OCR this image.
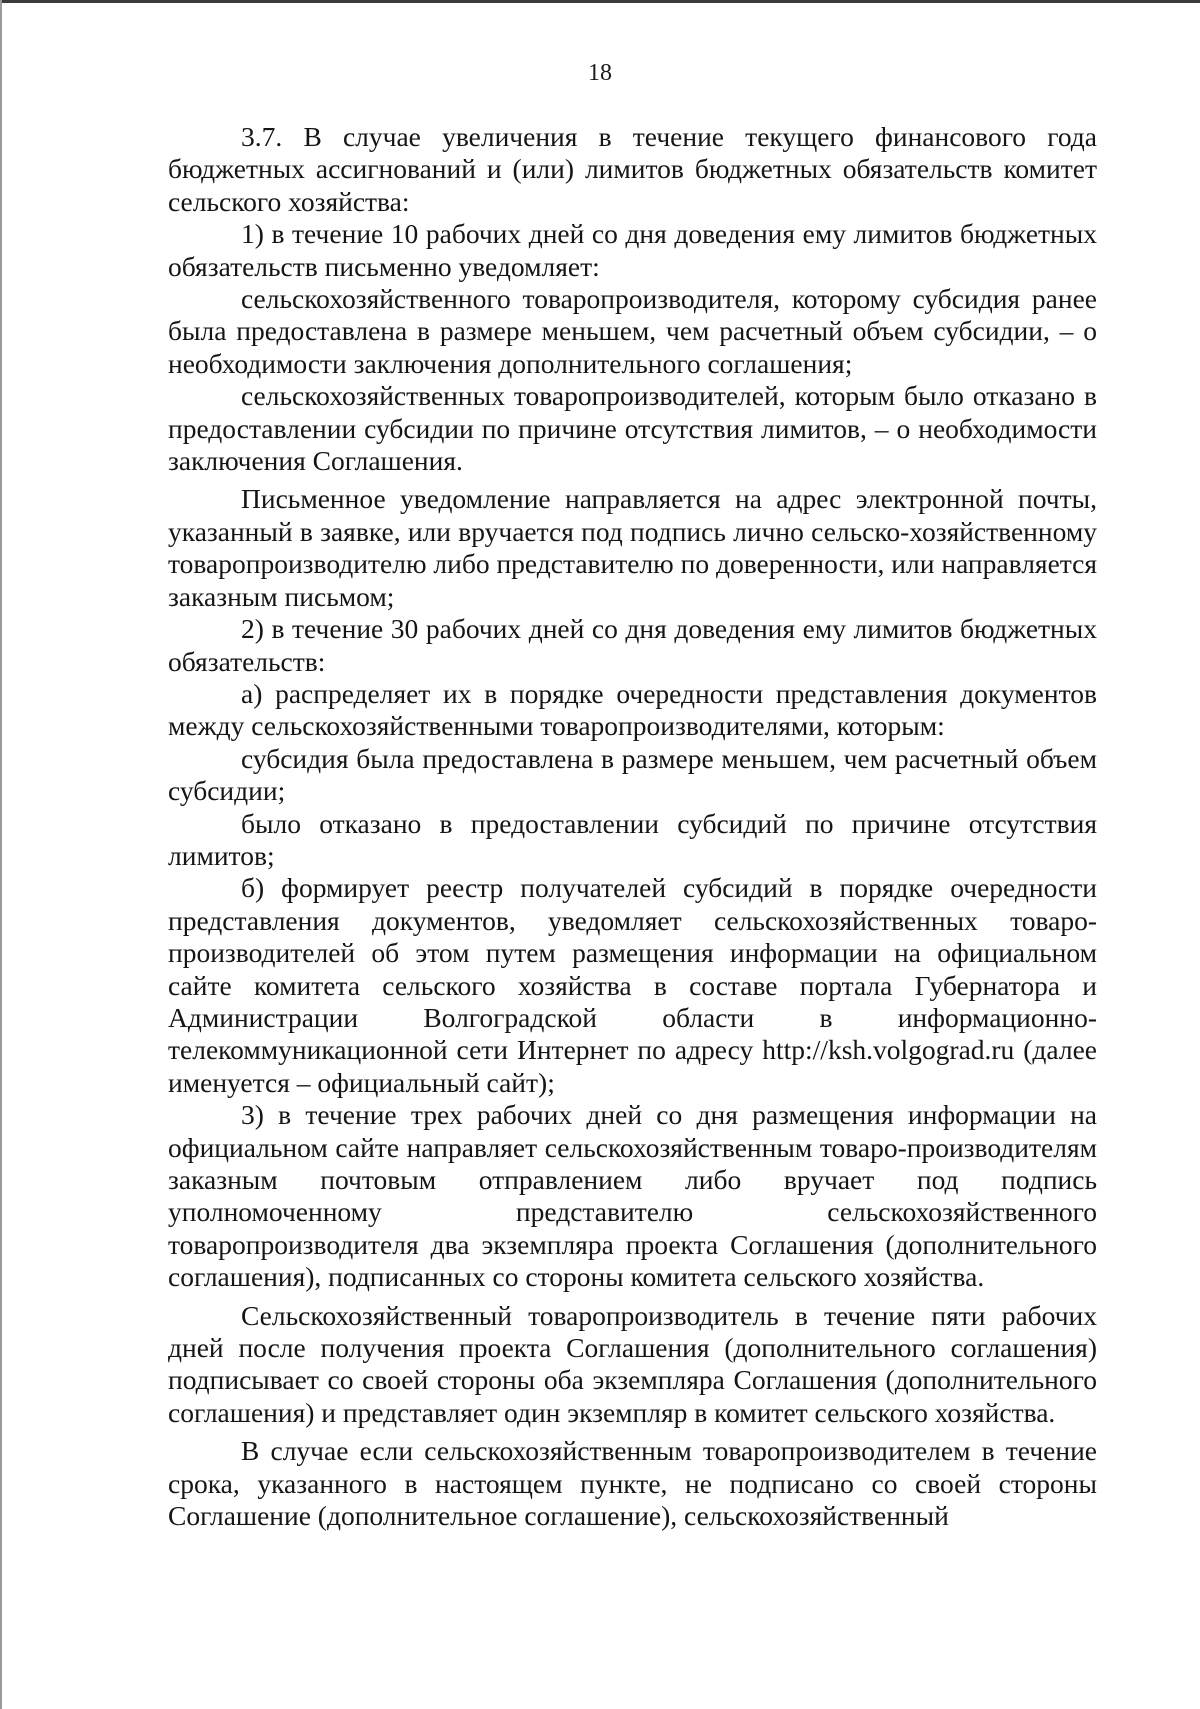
18

3.7. В случае увеличения в течение текущего финансового года бюджетных ассигнований и (или) лимитов бюджетных обязательств комитет сельского хозяйства:

1) в течение 10 рабочих дней со дня доведения ему лимитов бюджетных обязательств письменно уведомляет:

сельскохозяйственного товаропроизводителя, которому субсидия ранее была предоставлена в размере меньшем, чем расчетный объем субсидии, – о необходимости заключения дополнительного соглашения;

сельскохозяйственных товаропроизводителей, которым было отказано в предоставлении субсидии по причине отсутствия лимитов, – о необходимости заключения Соглашения.

Письменное уведомление направляется на адрес электронной почты, указанный в заявке, или вручается под подпись лично сельско-хозяйственному товаропроизводителю либо представителю по доверенности, или направляется заказным письмом;

2) в течение 30 рабочих дней со дня доведения ему лимитов бюджетных обязательств:

а) распределяет их в порядке очередности представления документов между сельскохозяйственными товаропроизводителями, которым:

субсидия была предоставлена в размере меньшем, чем расчетный объем субсидии;

было отказано в предоставлении субсидий по причине отсутствия лимитов;

б) формирует реестр получателей субсидий в порядке очередности представления документов, уведомляет сельскохозяйственных товаро-производителей об этом путем размещения информации на официальном сайте комитета сельского хозяйства в составе портала Губернатора и Администрации Волгоградской области в информационно-телекоммуникационной сети Интернет по адресу http://ksh.volgograd.ru (далее именуется – официальный сайт);

3) в течение трех рабочих дней со дня размещения информации на официальном сайте направляет сельскохозяйственным товаро-производителям заказным почтовым отправлением либо вручает под подпись уполномоченному представителю сельскохозяйственного товаропроизводителя два экземпляра проекта Соглашения (дополнительного соглашения), подписанных со стороны комитета сельского хозяйства.

Сельскохозяйственный товаропроизводитель в течение пяти рабочих дней после получения проекта Соглашения (дополнительного соглашения) подписывает со своей стороны оба экземпляра Соглашения (дополнительного соглашения) и представляет один экземпляр в комитет сельского хозяйства.

В случае если сельскохозяйственным товаропроизводителем в течение срока, указанного в настоящем пункте, не подписано со своей стороны Соглашение (дополнительное соглашение), сельскохозяйственный
